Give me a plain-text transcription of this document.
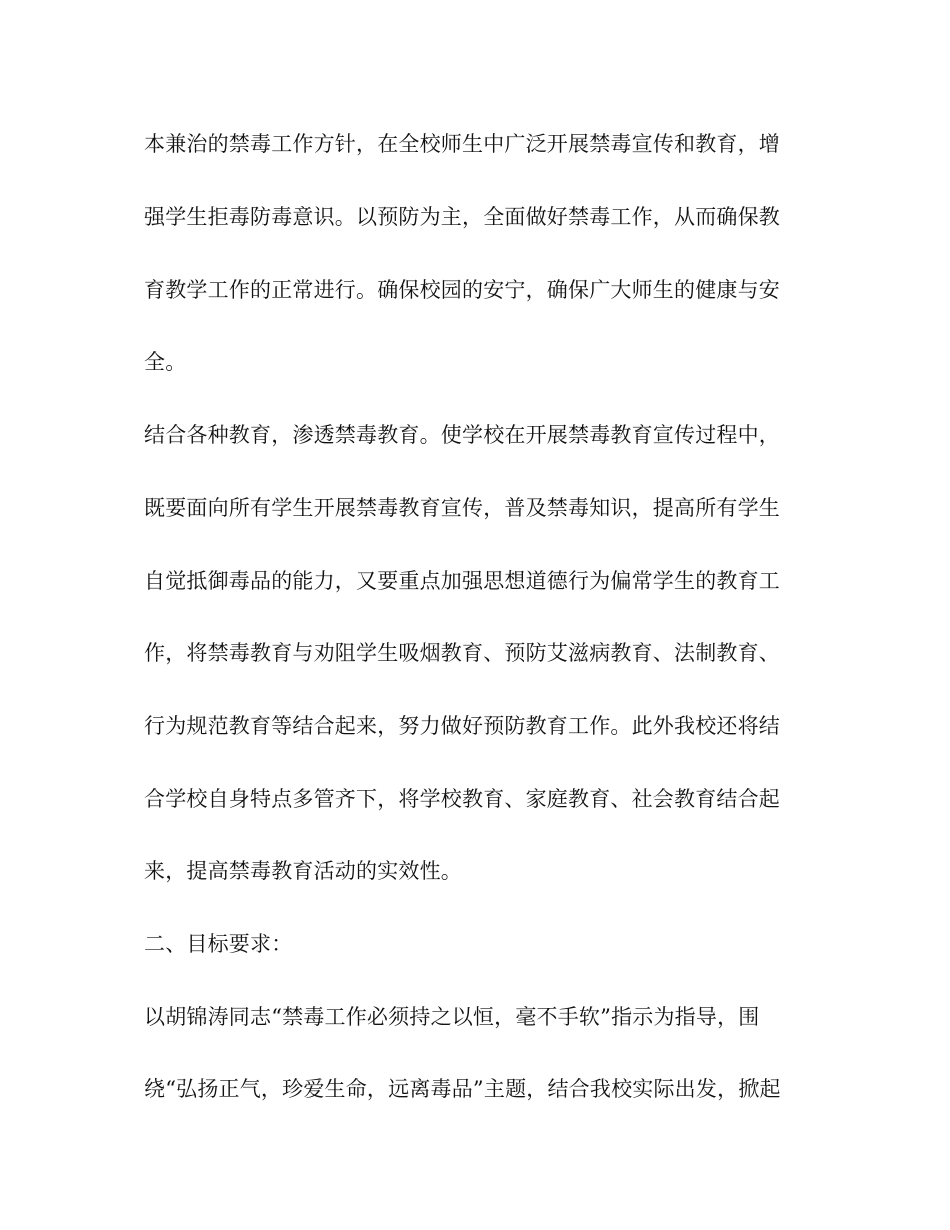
本兼治的禁毒工作方针，在全校师生中广泛开展禁毒宣传和教育，增
强学生拒毒防毒意识。以预防为主，全面做好禁毒工作，从而确保教
育教学工作的正常进行。确保校园的安宁，确保广大师生的健康与安
全。
结合各种教育，渗透禁毒教育。使学校在开展禁毒教育宣传过程中，
既要面向所有学生开展禁毒教育宣传，普及禁毒知识，提高所有学生
自觉抵御毒品的能力，又要重点加强思想道德行为偏常学生的教育工
作，将禁毒教育与劝阻学生吸烟教育、预防艾滋病教育、法制教育、
行为规范教育等结合起来，努力做好预防教育工作。此外我校还将结
合学校自身特点多管齐下，将学校教育、家庭教育、社会教育结合起
来，提高禁毒教育活动的实效性。
二、目标要求：
以胡锦涛同志“禁毒工作必须持之以恒，毫不手软”指示为指导，围
绕“弘扬正气，珍爱生命，远离毒品”主题，结合我校实际出发，掀起
